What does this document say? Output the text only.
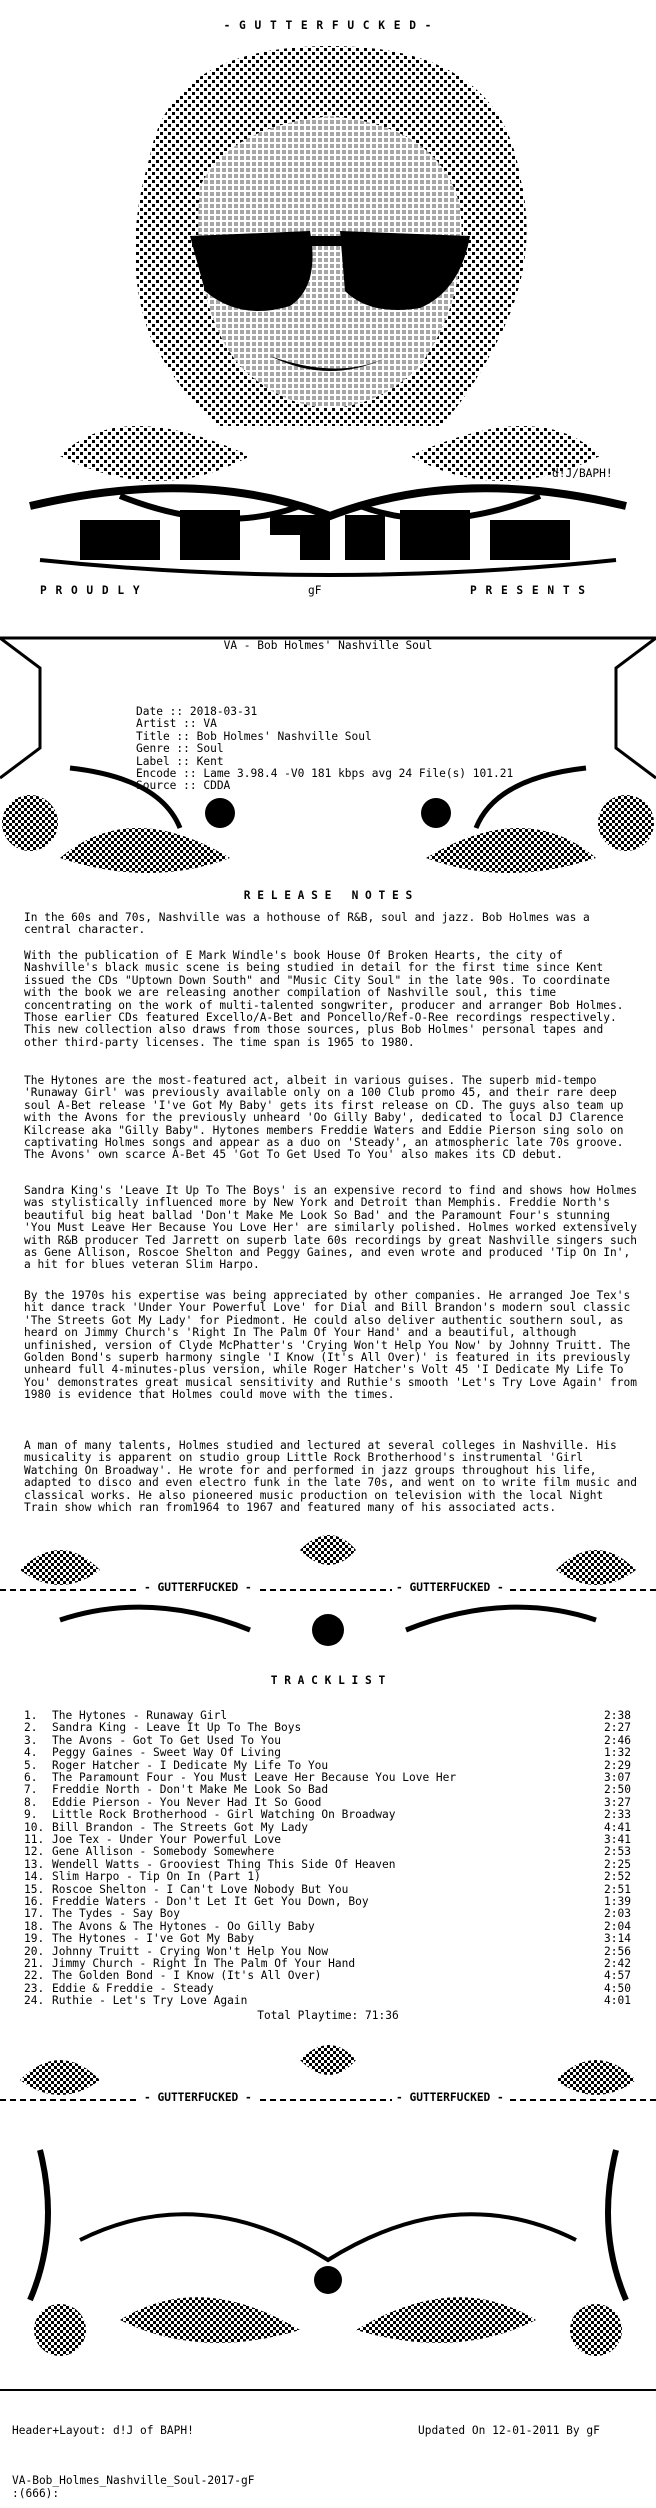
- G U T T E R F U C K E D -
d!J/BAPH!
P R O U D L Y	gF	P R E S E N T S
VA - Bob Holmes' Nashville Soul
Date :: 2018-03-31
Artist :: VA
Title :: Bob Holmes' Nashville Soul
Genre :: Soul
Label :: Kent
Encode :: Lame 3.98.4 -V0 181 kbps avg 24 File(s) 101.21
Source :: CDDA
R E L E A S E   N O T E S
In the 60s and 70s, Nashville was a hothouse of R&B, soul and jazz. Bob Holmes was a central character.
With the publication of E Mark Windle's book House Of Broken Hearts, the city of Nashville's black music scene is being studied in detail for the first time since Kent issued the CDs "Uptown Down South" and "Music City Soul" in the late 90s. To coordinate with the book we are releasing another compilation of Nashville soul, this time concentrating on the work of multi-talented songwriter, producer and arranger Bob Holmes. Those earlier CDs featured Excello/A-Bet and Poncello/Ref-O-Ree recordings respectively. This new collection also draws from those sources, plus Bob Holmes' personal tapes and other third-party licenses. The time span is 1965 to 1980.
The Hytones are the most-featured act, albeit in various guises. The superb mid-tempo 'Runaway Girl' was previously available only on a 100 Club promo 45, and their rare deep soul A-Bet release 'I've Got My Baby' gets its first release on CD. The guys also team up with the Avons for the previously unheard 'Oo Gilly Baby', dedicated to local DJ Clarence Kilcrease aka "Gilly Baby". Hytones members Freddie Waters and Eddie Pierson sing solo on captivating Holmes songs and appear as a duo on 'Steady', an atmospheric late 70s groove. The Avons' own scarce A-Bet 45 'Got To Get Used To You' also makes its CD debut.
Sandra King's 'Leave It Up To The Boys' is an expensive record to find and shows how Holmes was stylistically influenced more by New York and Detroit than Memphis. Freddie North's beautiful big heat ballad 'Don't Make Me Look So Bad' and the Paramount Four's stunning 'You Must Leave Her Because You Love Her' are similarly polished. Holmes worked extensively with R&B producer Ted Jarrett on superb late 60s recordings by great Nashville singers such as Gene Allison, Roscoe Shelton and Peggy Gaines, and even wrote and produced 'Tip On In', a hit for blues veteran Slim Harpo.
By the 1970s his expertise was being appreciated by other companies. He arranged Joe Tex's hit dance track 'Under Your Powerful Love' for Dial and Bill Brandon's modern soul classic 'The Streets Got My Lady' for Piedmont. He could also deliver authentic southern soul, as heard on Jimmy Church's 'Right In The Palm Of Your Hand' and a beautiful, although unfinished, version of Clyde McPhatter's 'Crying Won't Help You Now' by Johnny Truitt. The Golden Bond's superb harmony single 'I Know (It's All Over)' is featured in its previously unheard full 4-minutes-plus version, while Roger Hatcher's Volt 45 'I Dedicate My Life To You' demonstrates great musical sensitivity and Ruthie's smooth 'Let's Try Love Again' from 1980 is evidence that Holmes could move with the times.
A man of many talents, Holmes studied and lectured at several colleges in Nashville. His musicality is apparent on studio group Little Rock Brotherhood's instrumental 'Girl Watching On Broadway'. He wrote for and performed in jazz groups throughout his life, adapted to disco and even electro funk in the late 70s, and went on to write film music and classical works. He also pioneered music production on television with the local Night Train show which ran from1964 to 1967 and featured many of his associated acts.
- GUTTERFUCKED -	- GUTTERFUCKED -
T R A C K L I S T
1. The Hytones - Runaway Girl	2:38
2. Sandra King - Leave It Up To The Boys	2:27
3. The Avons - Got To Get Used To You	2:46
4. Peggy Gaines - Sweet Way Of Living	1:32
5. Roger Hatcher - I Dedicate My Life To You	2:29
6. The Paramount Four - You Must Leave Her Because You Love Her	3:07
7. Freddie North - Don't Make Me Look So Bad	2:50
8. Eddie Pierson - You Never Had It So Good	3:27
9. Little Rock Brotherhood - Girl Watching On Broadway	2:33
10. Bill Brandon - The Streets Got My Lady	4:41
11. Joe Tex - Under Your Powerful Love	3:41
12. Gene Allison - Somebody Somewhere	2:53
13. Wendell Watts - Grooviest Thing This Side Of Heaven	2:25
14. Slim Harpo - Tip On In (Part 1)	2:52
15. Roscoe Shelton - I Can't Love Nobody But You	2:51
16. Freddie Waters - Don't Let It Get You Down, Boy	1:39
17. The Tydes - Say Boy	2:03
18. The Avons & The Hytones - Oo Gilly Baby	2:04
19. The Hytones - I've Got My Baby	3:14
20. Johnny Truitt - Crying Won't Help You Now	2:56
21. Jimmy Church - Right In The Palm Of Your Hand	2:42
22. The Golden Bond - I Know (It's All Over)	4:57
23. Eddie & Freddie - Steady	4:50
24. Ruthie - Let's Try Love Again	4:01
Total Playtime: 71:36
- GUTTERFUCKED -	- GUTTERFUCKED -
Header+Layout: d!J of BAPH!	Updated On 12-01-2011 By gF
VA-Bob_Holmes_Nashville_Soul-2017-gF
:(666):
